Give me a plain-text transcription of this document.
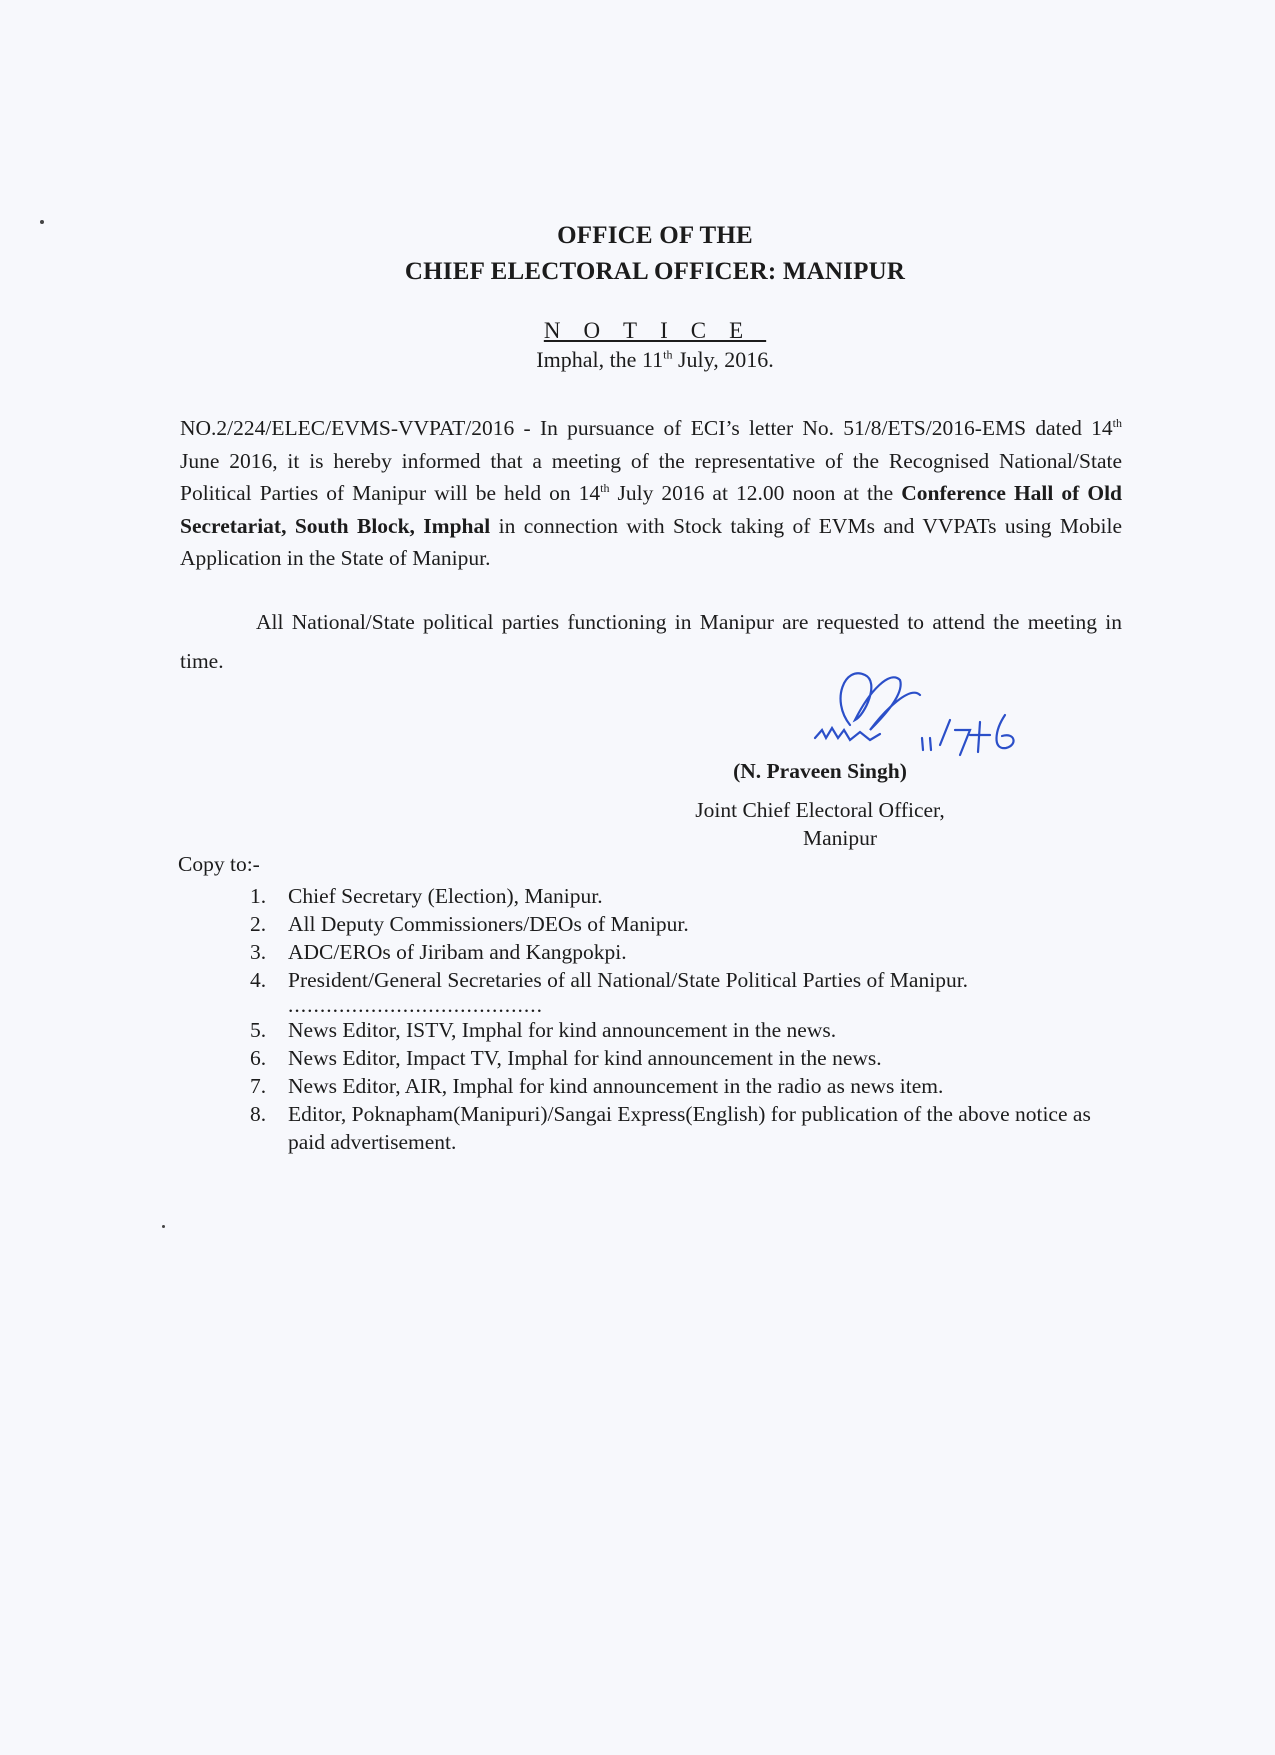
OFFICE OF THE
CHIEF ELECTORAL OFFICER: MANIPUR
NOTICE
Imphal, the 11th July, 2016.
NO.2/224/ELEC/EVMS-VVPAT/2016 - In pursuance of ECI’s letter No. 51/8/ETS/2016-EMS dated 14th June 2016, it is hereby informed that a meeting of the representative of the Recognised National/State Political Parties of Manipur will be held on 14th July 2016 at 12.00 noon at the Conference Hall of Old Secretariat, South Block, Imphal in connection with Stock taking of EVMs and VVPATs using Mobile Application in the State of Manipur.
All National/State political parties functioning in Manipur are requested to attend the meeting in time.
(N. Praveen Singh)
Joint Chief Electoral Officer,
Manipur
Copy to:-
1.	Chief Secretary (Election), Manipur.
2.	All Deputy Commissioners/DEOs of Manipur.
3.	ADC/EROs of Jiribam and Kangpokpi.
4.	President/General Secretaries of all National/State Political Parties of Manipur.
........................................
5.	News Editor, ISTV, Imphal for kind announcement in the news.
6.	News Editor, Impact TV, Imphal for kind announcement in the news.
7.	News Editor, AIR, Imphal for kind announcement in the radio as news item.
8.	Editor, Poknapham(Manipuri)/Sangai Express(English) for publication of the above notice as paid advertisement.
